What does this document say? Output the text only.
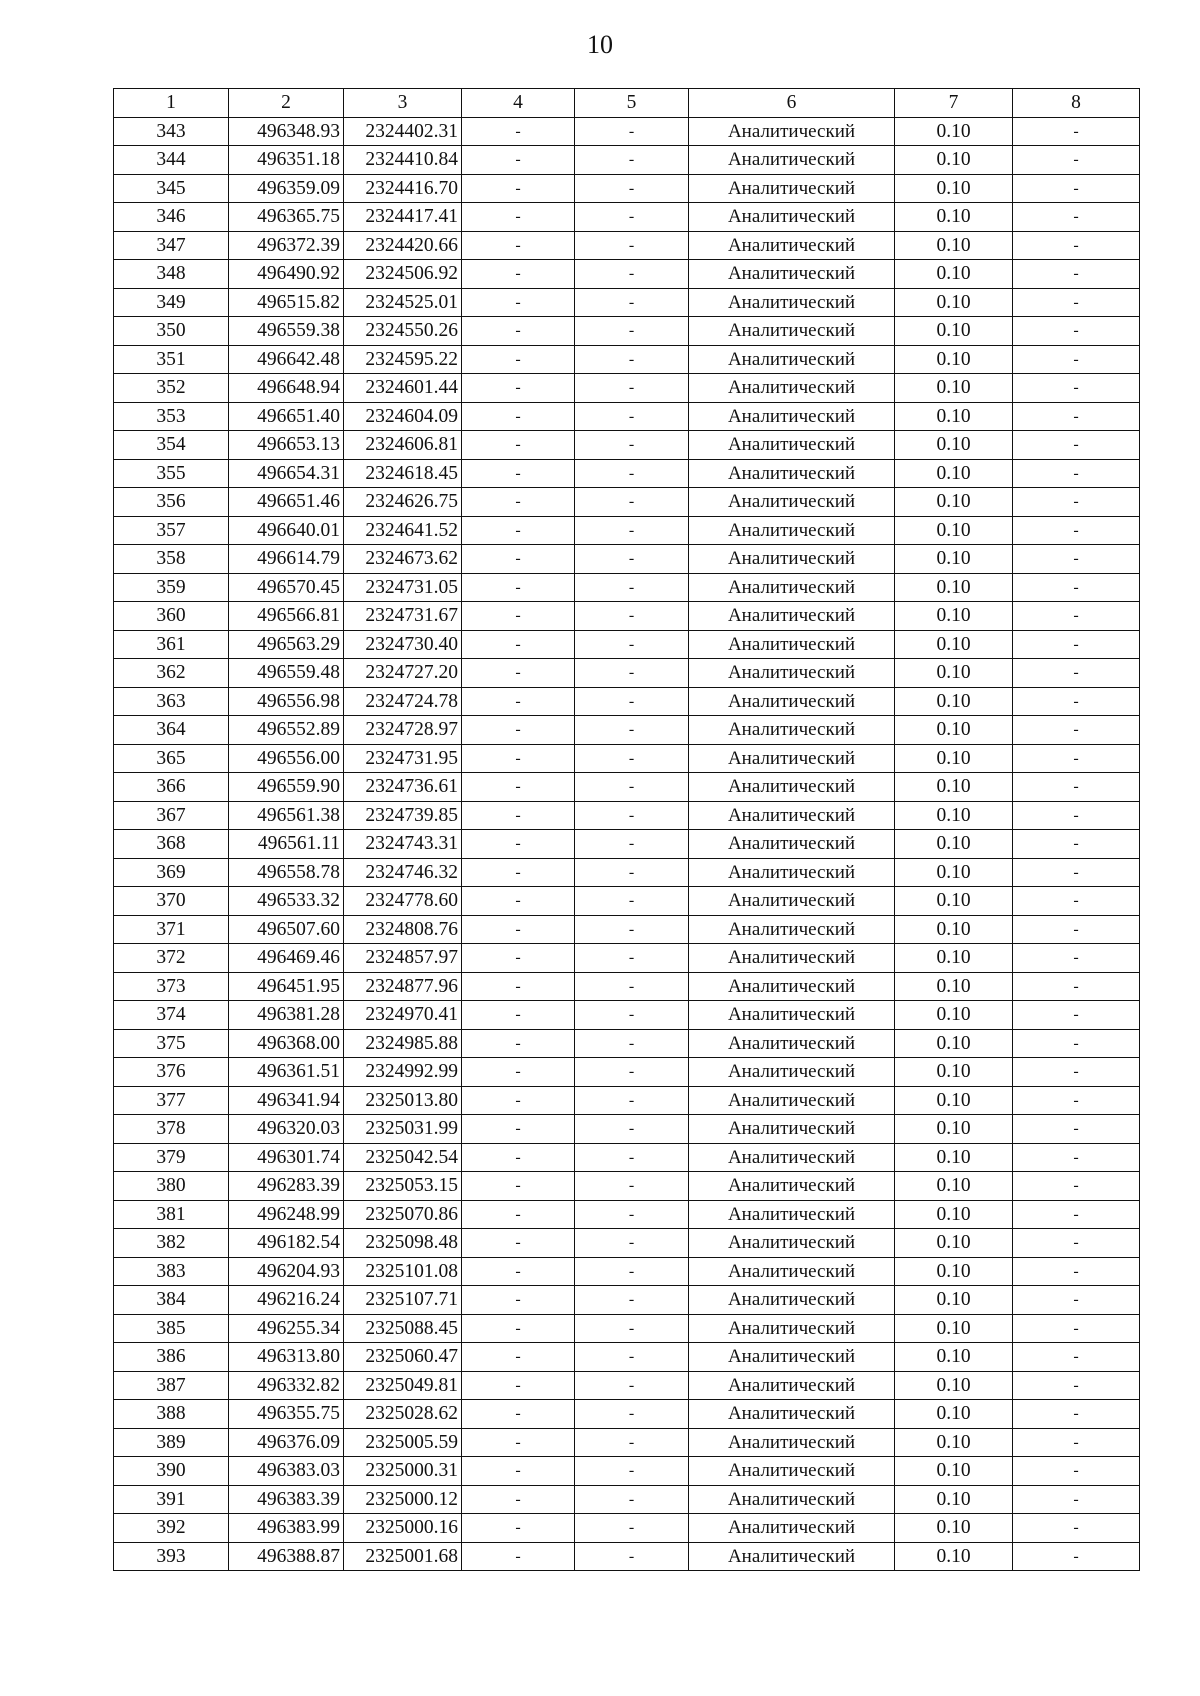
10
1	2	3	4	5	6	7	8
343	496348.93	2324402.31	-	-	Аналитический	0.10	-
344	496351.18	2324410.84	-	-	Аналитический	0.10	-
345	496359.09	2324416.70	-	-	Аналитический	0.10	-
346	496365.75	2324417.41	-	-	Аналитический	0.10	-
347	496372.39	2324420.66	-	-	Аналитический	0.10	-
348	496490.92	2324506.92	-	-	Аналитический	0.10	-
349	496515.82	2324525.01	-	-	Аналитический	0.10	-
350	496559.38	2324550.26	-	-	Аналитический	0.10	-
351	496642.48	2324595.22	-	-	Аналитический	0.10	-
352	496648.94	2324601.44	-	-	Аналитический	0.10	-
353	496651.40	2324604.09	-	-	Аналитический	0.10	-
354	496653.13	2324606.81	-	-	Аналитический	0.10	-
355	496654.31	2324618.45	-	-	Аналитический	0.10	-
356	496651.46	2324626.75	-	-	Аналитический	0.10	-
357	496640.01	2324641.52	-	-	Аналитический	0.10	-
358	496614.79	2324673.62	-	-	Аналитический	0.10	-
359	496570.45	2324731.05	-	-	Аналитический	0.10	-
360	496566.81	2324731.67	-	-	Аналитический	0.10	-
361	496563.29	2324730.40	-	-	Аналитический	0.10	-
362	496559.48	2324727.20	-	-	Аналитический	0.10	-
363	496556.98	2324724.78	-	-	Аналитический	0.10	-
364	496552.89	2324728.97	-	-	Аналитический	0.10	-
365	496556.00	2324731.95	-	-	Аналитический	0.10	-
366	496559.90	2324736.61	-	-	Аналитический	0.10	-
367	496561.38	2324739.85	-	-	Аналитический	0.10	-
368	496561.11	2324743.31	-	-	Аналитический	0.10	-
369	496558.78	2324746.32	-	-	Аналитический	0.10	-
370	496533.32	2324778.60	-	-	Аналитический	0.10	-
371	496507.60	2324808.76	-	-	Аналитический	0.10	-
372	496469.46	2324857.97	-	-	Аналитический	0.10	-
373	496451.95	2324877.96	-	-	Аналитический	0.10	-
374	496381.28	2324970.41	-	-	Аналитический	0.10	-
375	496368.00	2324985.88	-	-	Аналитический	0.10	-
376	496361.51	2324992.99	-	-	Аналитический	0.10	-
377	496341.94	2325013.80	-	-	Аналитический	0.10	-
378	496320.03	2325031.99	-	-	Аналитический	0.10	-
379	496301.74	2325042.54	-	-	Аналитический	0.10	-
380	496283.39	2325053.15	-	-	Аналитический	0.10	-
381	496248.99	2325070.86	-	-	Аналитический	0.10	-
382	496182.54	2325098.48	-	-	Аналитический	0.10	-
383	496204.93	2325101.08	-	-	Аналитический	0.10	-
384	496216.24	2325107.71	-	-	Аналитический	0.10	-
385	496255.34	2325088.45	-	-	Аналитический	0.10	-
386	496313.80	2325060.47	-	-	Аналитический	0.10	-
387	496332.82	2325049.81	-	-	Аналитический	0.10	-
388	496355.75	2325028.62	-	-	Аналитический	0.10	-
389	496376.09	2325005.59	-	-	Аналитический	0.10	-
390	496383.03	2325000.31	-	-	Аналитический	0.10	-
391	496383.39	2325000.12	-	-	Аналитический	0.10	-
392	496383.99	2325000.16	-	-	Аналитический	0.10	-
393	496388.87	2325001.68	-	-	Аналитический	0.10	-
